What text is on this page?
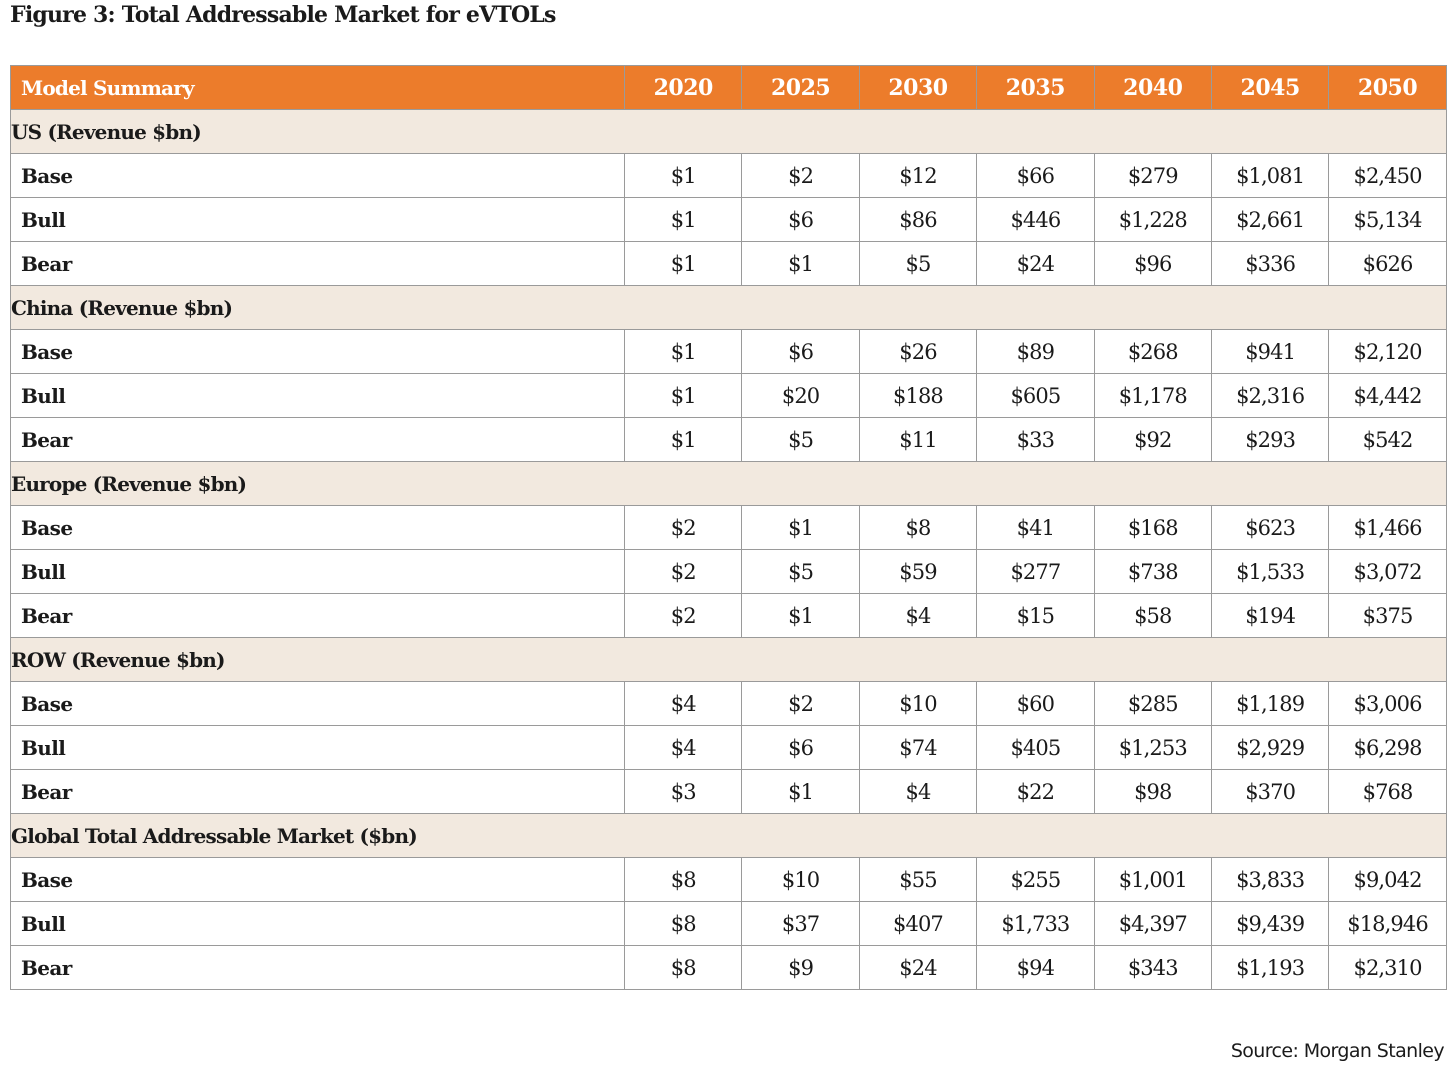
Figure 3: Total Addressable Market for eVTOLs
Model Summary	2020	2025	2030	2035	2040	2045	2050
US (Revenue $bn)							
Base	$1	$2	$12	$66	$279	$1,081	$2,450
Bull	$1	$6	$86	$446	$1,228	$2,661	$5,134
Bear	$1	$1	$5	$24	$96	$336	$626
China (Revenue $bn)							
Base	$1	$6	$26	$89	$268	$941	$2,120
Bull	$1	$20	$188	$605	$1,178	$2,316	$4,442
Bear	$1	$5	$11	$33	$92	$293	$542
Europe (Revenue $bn)							
Base	$2	$1	$8	$41	$168	$623	$1,466
Bull	$2	$5	$59	$277	$738	$1,533	$3,072
Bear	$2	$1	$4	$15	$58	$194	$375
ROW (Revenue $bn)							
Base	$4	$2	$10	$60	$285	$1,189	$3,006
Bull	$4	$6	$74	$405	$1,253	$2,929	$6,298
Bear	$3	$1	$4	$22	$98	$370	$768
Global Total Addressable Market ($bn)							
Base	$8	$10	$55	$255	$1,001	$3,833	$9,042
Bull	$8	$37	$407	$1,733	$4,397	$9,439	$18,946
Bear	$8	$9	$24	$94	$343	$1,193	$2,310
Source: Morgan Stanley
